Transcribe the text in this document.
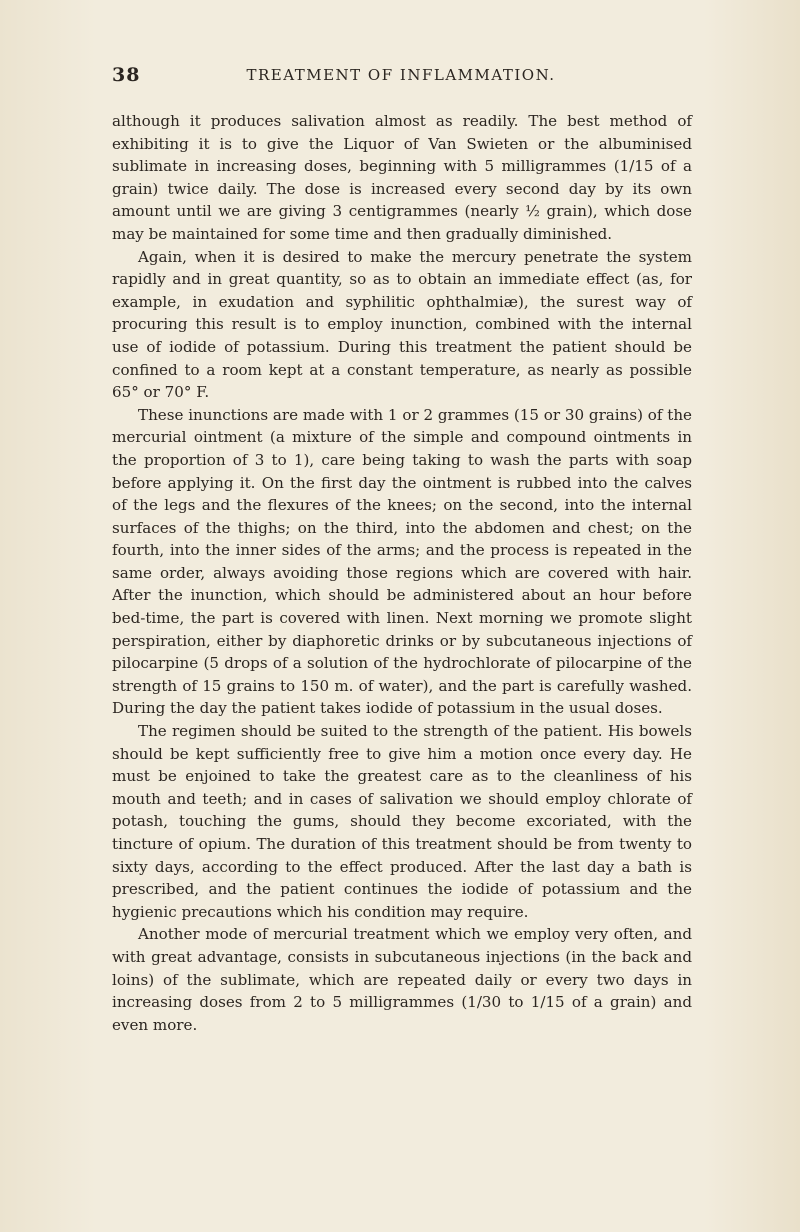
38	TREATMENT OF INFLAMMATION.

although it produces salivation almost as readily. The best method of exhibiting it is to give the Liquor of Van Swieten or the albuminised sublimate in increasing doses, beginning with 5 milligrammes (1/15 of a grain) twice daily. The dose is increased every second day by its own amount until we are giving 3 centigrammes (nearly ½ grain), which dose may be maintained for some time and then gradually diminished.

Again, when it is desired to make the mercury penetrate the system rapidly and in great quantity, so as to obtain an immediate effect (as, for example, in exudation and syphilitic ophthalmiæ), the surest way of procuring this result is to employ inunction, combined with the internal use of iodide of potassium. During this treatment the patient should be confined to a room kept at a constant temperature, as nearly as possible 65° or 70° F.

These inunctions are made with 1 or 2 grammes (15 or 30 grains) of the mercurial ointment (a mixture of the simple and compound ointments in the proportion of 3 to 1), care being taking to wash the parts with soap before applying it. On the first day the ointment is rubbed into the calves of the legs and the flexures of the knees; on the second, into the internal surfaces of the thighs; on the third, into the abdomen and chest; on the fourth, into the inner sides of the arms; and the process is repeated in the same order, always avoiding those regions which are covered with hair. After the inunction, which should be administered about an hour before bed-time, the part is covered with linen. Next morning we promote slight perspiration, either by diaphoretic drinks or by subcutaneous injections of pilocarpine (5 drops of a solution of the hydrochlorate of pilocarpine of the strength of 15 grains to 150 m. of water), and the part is carefully washed. During the day the patient takes iodide of potassium in the usual doses.

The regimen should be suited to the strength of the patient. His bowels should be kept sufficiently free to give him a motion once every day. He must be enjoined to take the greatest care as to the cleanliness of his mouth and teeth; and in cases of salivation we should employ chlorate of potash, touching the gums, should they become excoriated, with the tincture of opium. The duration of this treatment should be from twenty to sixty days, according to the effect produced. After the last day a bath is prescribed, and the patient continues the iodide of potassium and the hygienic precautions which his condition may require.

Another mode of mercurial treatment which we employ very often, and with great advantage, consists in subcutaneous injections (in the back and loins) of the sublimate, which are repeated daily or every two days in increasing doses from 2 to 5 milligrammes (1/30 to 1/15 of a grain) and even more.
